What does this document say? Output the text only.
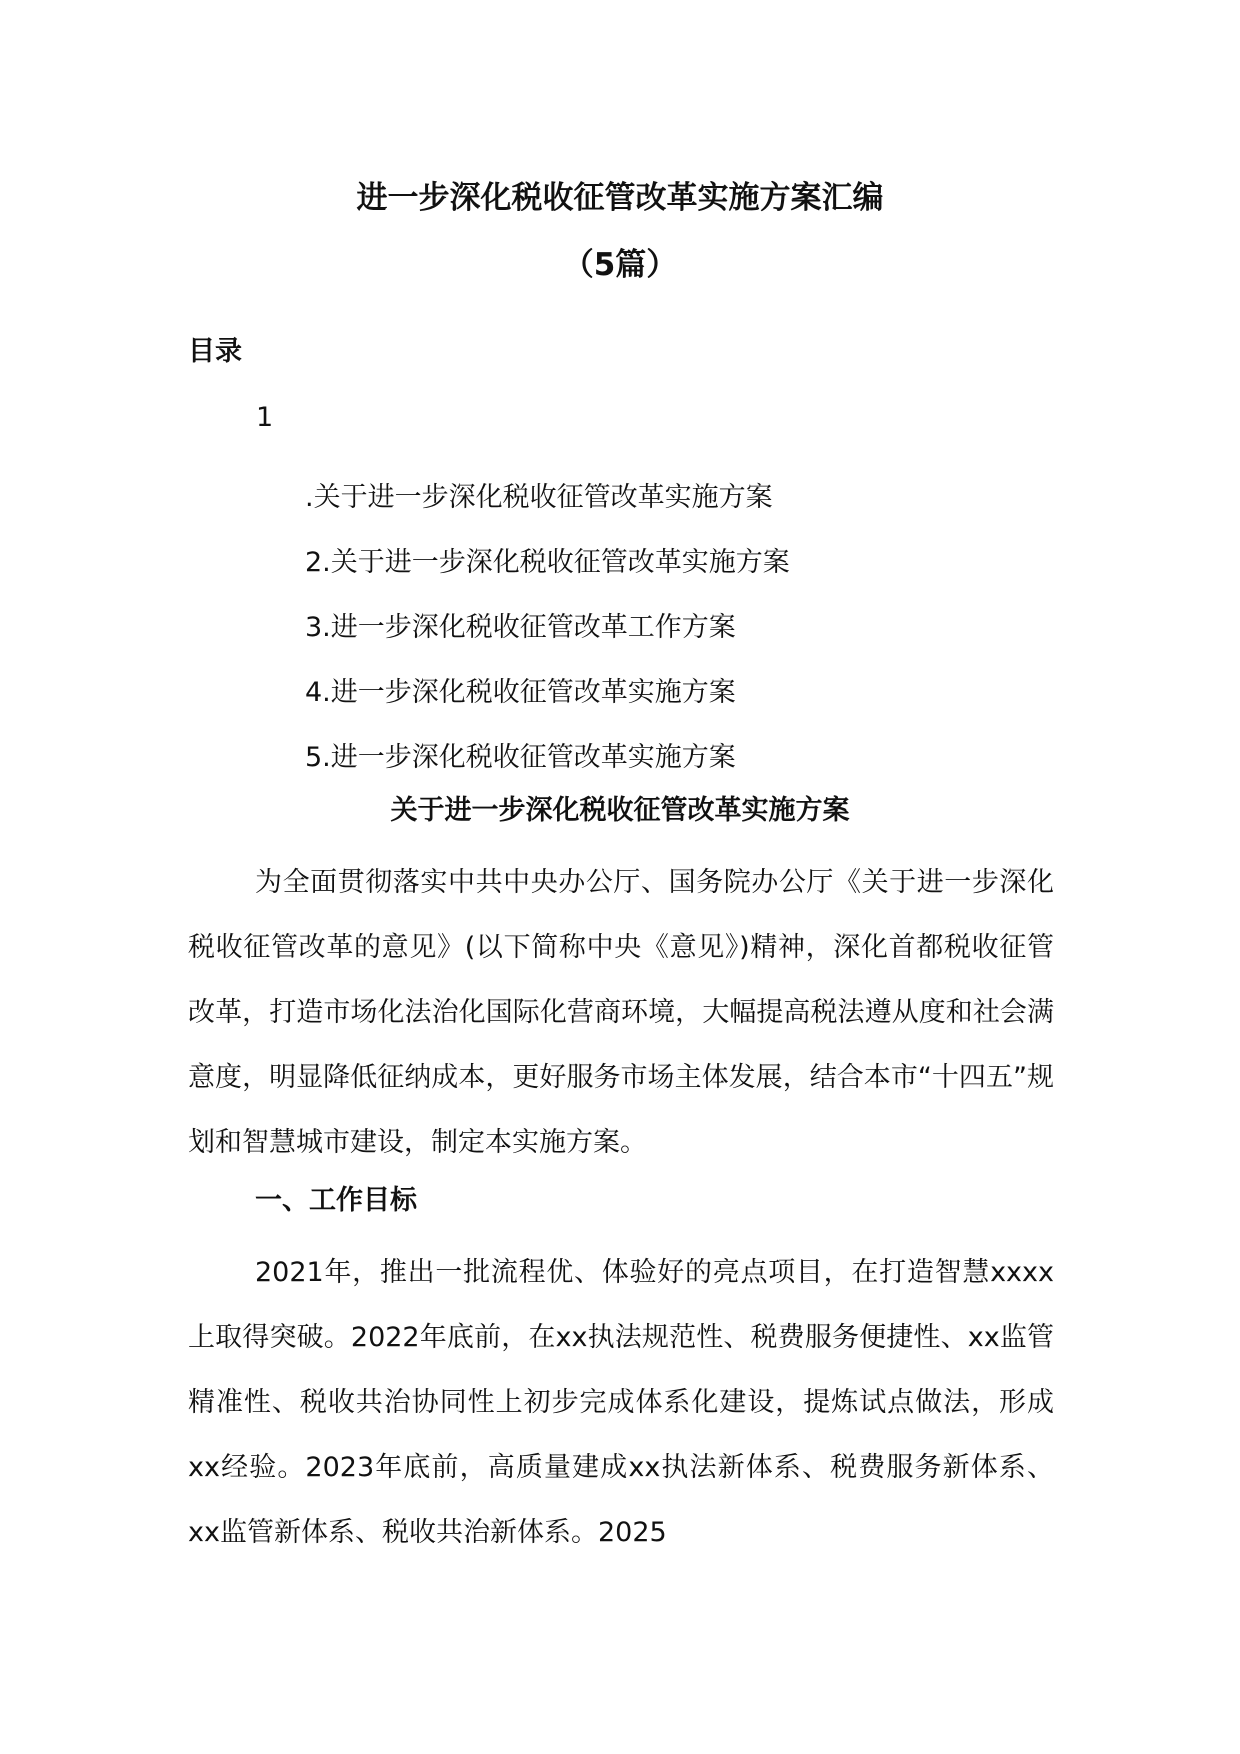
进一步深化税收征管改革实施方案汇编
（5篇）
目录
1
.关于进一步深化税收征管改革实施方案
2.关于进一步深化税收征管改革实施方案
3.进一步深化税收征管改革工作方案
4.进一步深化税收征管改革实施方案
5.进一步深化税收征管改革实施方案
关于进一步深化税收征管改革实施方案

为全面贯彻落实中共中央办公厅、国务院办公厅《关于进一步深化税收征管改革的意见》(以下简称中央《意见》)精神，深化首都税收征管改革，打造市场化法治化国际化营商环境，大幅提高税法遵从度和社会满意度，明显降低征纳成本，更好服务市场主体发展，结合本市“十四五”规划和智慧城市建设，制定本实施方案。

一、工作目标

2021年，推出一批流程优、体验好的亮点项目，在打造智慧xxxx上取得突破。2022年底前，在xx执法规范性、税费服务便捷性、xx监管精准性、税收共治协同性上初步完成体系化建设，提炼试点做法，形成xx经验。2023年底前，高质量建成xx执法新体系、税费服务新体系、xx监管新体系、税收共治新体系。2025
